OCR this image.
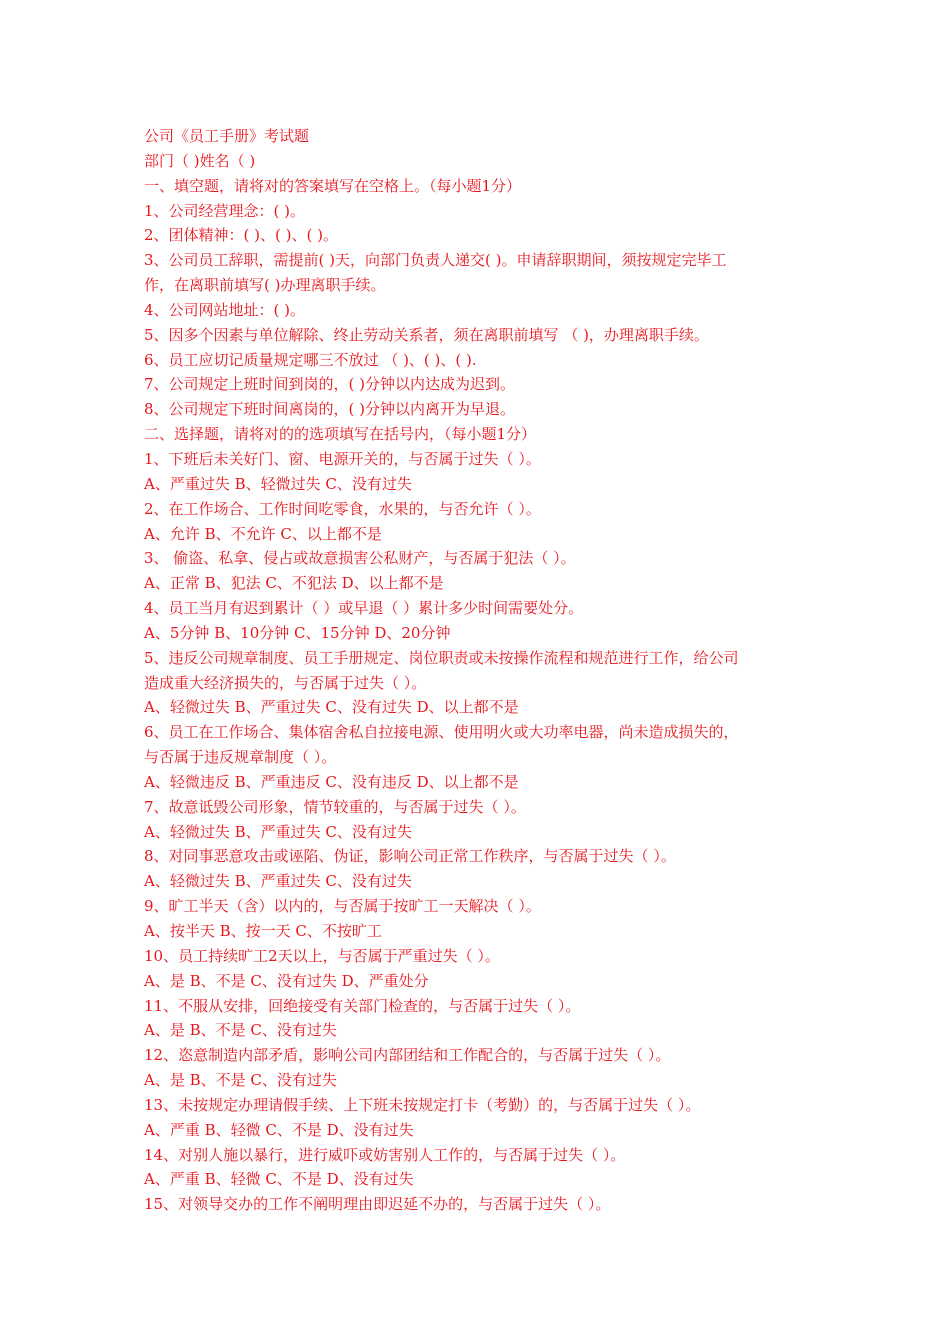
公司《员工手册》考试题
部门（ )姓名（ )
一、填空题，请将对的答案填写在空格上。（每小题1分）
1、公司经营理念：( )。
2、团体精神：( )、( )、( )。
3、公司员工辞职，需提前( )天，向部门负责人递交( )。申请辞职期间，须按规定完毕工
作，在离职前填写( )办理离职手续。
4、公司网站地址：( )。
5、因多个因素与单位解除、终止劳动关系者，须在离职前填写 （ )，办理离职手续。
6、员工应切记质量规定哪三不放过 （ )、( )、( ).
7、公司规定上班时间到岗的，( )分钟以内达成为迟到。
8、公司规定下班时间离岗的，( )分钟以内离开为早退。
二、选择题，请将对的的选项填写在括号内，（每小题1分）
1、下班后未关好门、窗、电源开关的，与否属于过失（ ）。
A、严重过失 B、轻微过失 C、没有过失
2、在工作场合、工作时间吃零食，水果的，与否允许（ ）。
A、允许 B、不允许 C、以上都不是
3、 偷盗、私拿、侵占或故意损害公私财产，与否属于犯法（ ）。
A、正常 B、犯法 C、不犯法 D、以上都不是
4、员工当月有迟到累计（ ）或早退（ ）累计多少时间需要处分。
A、5分钟 B、10分钟 C、15分钟 D、20分钟
5、违反公司规章制度、员工手册规定、岗位职责或未按操作流程和规范进行工作，给公司
造成重大经济损失的，与否属于过失（ ）。
A、轻微过失 B、严重过失 C、没有过失 D、以上都不是
6、员工在工作场合、集体宿舍私自拉接电源、使用明火或大功率电器，尚未造成损失的，
与否属于违反规章制度（ ）。
A、轻微违反 B、严重违反 C、没有违反 D、以上都不是
7、故意诋毁公司形象，情节较重的，与否属于过失（ ）。
A、轻微过失 B、严重过失 C、没有过失
8、对同事恶意攻击或诬陷、伪证，影响公司正常工作秩序，与否属于过失（ ）。
A、轻微过失 B、严重过失 C、没有过失
9、旷工半天（含）以内的，与否属于按旷工一天解决（ ）。
A、按半天 B、按一天 C、不按旷工
10、员工持续旷工2天以上，与否属于严重过失（ ）。
A、是 B、不是 C、没有过失 D、严重处分
11、不服从安排，回绝接受有关部门检查的，与否属于过失（ ）。
A、是 B、不是 C、没有过失
12、恣意制造内部矛盾，影响公司内部团结和工作配合的，与否属于过失（ ）。
A、是 B、不是 C、没有过失
13、未按规定办理请假手续、上下班未按规定打卡（考勤）的，与否属于过失（ ）。
A、严重 B、轻微 C、不是 D、没有过失
14、对别人施以暴行，进行威吓或妨害别人工作的，与否属于过失（ ）。
A、严重 B、轻微 C、不是 D、没有过失
15、对领导交办的工作不阐明理由即迟延不办的，与否属于过失（ ）。
